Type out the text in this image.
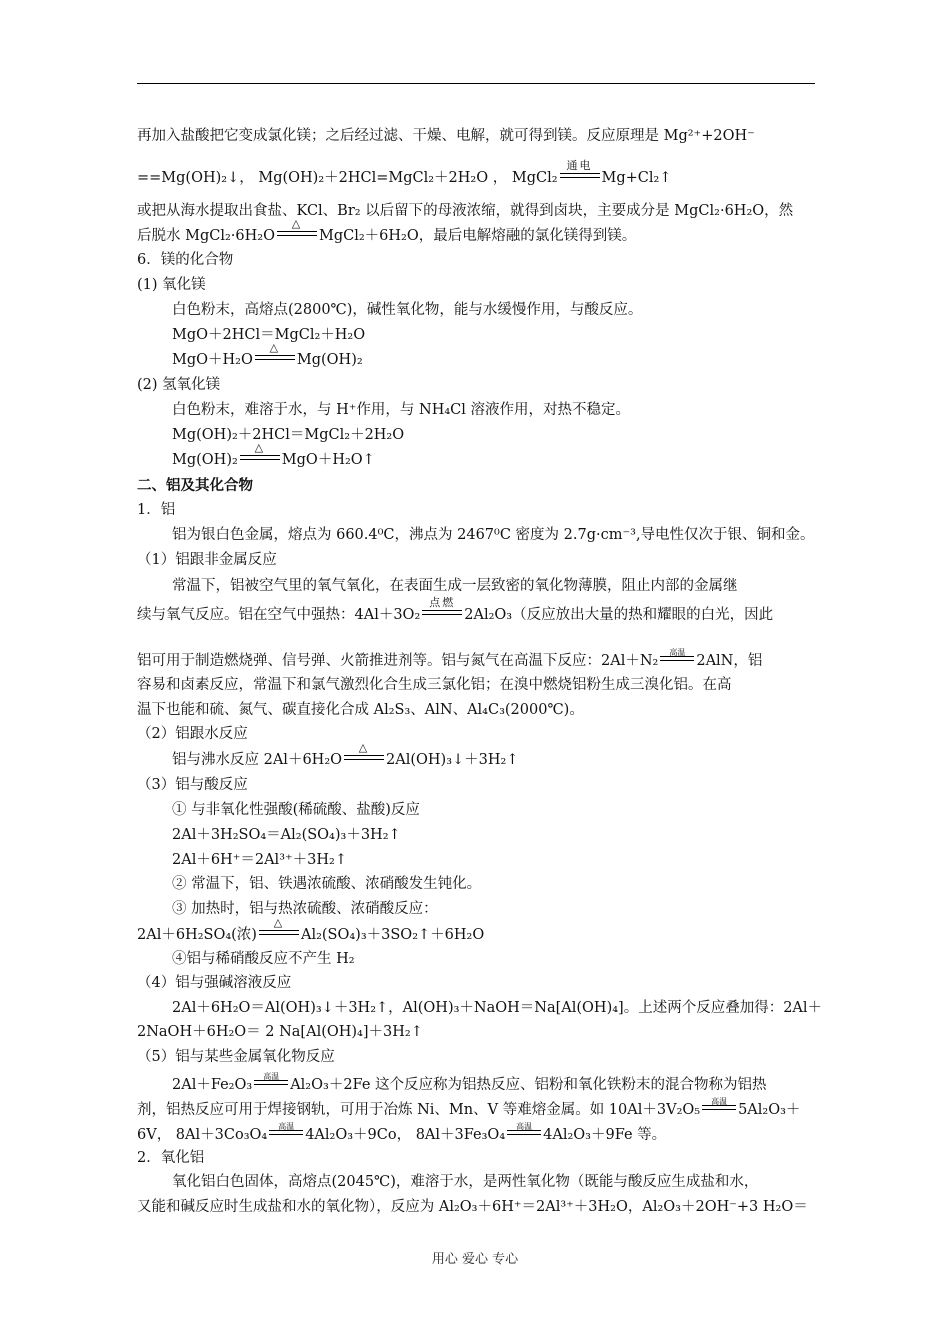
再加入盐酸把它变成氯化镁；之后经过滤、干燥、电解，就可得到镁。反应原理是 Mg²⁺+2OH⁻
==Mg(OH)₂↓， Mg(OH)₂＋2HCl=MgCl₂＋2H₂O ， MgCl₂
通电
Mg+Cl₂↑
或把从海水提取出食盐、KCl、Br₂ 以后留下的母液浓缩，就得到卤块，主要成分是 MgCl₂·6H₂O，然
后脱水 MgCl₂·6H₂O
△
MgCl₂＋6H₂O，最后电解熔融的氯化镁得到镁。
6．镁的化合物
(1) 氧化镁
白色粉末，高熔点(2800℃)，碱性氧化物，能与水缓慢作用，与酸反应。
MgO＋2HCl＝MgCl₂＋H₂O
MgO＋H₂O
△
Mg(OH)₂
(2) 氢氧化镁
白色粉末，难溶于水，与 H⁺作用，与 NH₄Cl 溶液作用，对热不稳定。
Mg(OH)₂＋2HCl＝MgCl₂＋2H₂O
Mg(OH)₂
△
MgO＋H₂O↑
二、铝及其化合物
1．铝
铝为银白色金属，熔点为 660.4⁰C，沸点为 2467⁰C 密度为 2.7g·cm⁻³,导电性仅次于银、铜和金。
（1）铝跟非金属反应
常温下，铝被空气里的氧气氧化，在表面生成一层致密的氧化物薄膜，阻止内部的金属继
续与氧气反应。铝在空气中强热：4Al＋3O₂
点燃
2Al₂O₃（反应放出大量的热和耀眼的白光，因此
铝可用于制造燃烧弹、信号弹、火箭推进剂等。铝与氮气在高温下反应：2Al＋N₂
高温
2AlN，铝
容易和卤素反应，常温下和氯气激烈化合生成三氯化铝；在溴中燃烧铝粉生成三溴化铝。在高
温下也能和硫、氮气、碳直接化合成 Al₂S₃、AlN、Al₄C₃(2000℃)。
（2）铝跟水反应
铝与沸水反应 2Al＋6H₂O
△
2Al(OH)₃↓＋3H₂↑
（3）铝与酸反应
① 与非氧化性强酸(稀硫酸、盐酸)反应
2Al＋3H₂SO₄＝Al₂(SO₄)₃＋3H₂↑
2Al＋6H⁺＝2Al³⁺＋3H₂↑
② 常温下，铝、铁遇浓硫酸、浓硝酸发生钝化。
③ 加热时，铝与热浓硫酸、浓硝酸反应：
2Al＋6H₂SO₄(浓)
△
Al₂(SO₄)₃＋3SO₂↑＋6H₂O
④铝与稀硝酸反应不产生 H₂
（4）铝与强碱溶液反应
2Al＋6H₂O＝Al(OH)₃↓＋3H₂↑，Al(OH)₃＋NaOH＝Na[Al(OH)₄]。上述两个反应叠加得：2Al＋
2NaOH＋6H₂O＝ 2 Na[Al(OH)₄]＋3H₂↑
（5）铝与某些金属氧化物反应
2Al＋Fe₂O₃
高温
Al₂O₃＋2Fe 这个反应称为铝热反应、铝粉和氧化铁粉末的混合物称为铝热
剂，铝热反应可用于焊接钢轨，可用于冶炼 Ni、Mn、V 等难熔金属。如 10Al＋3V₂O₅
高温
5Al₂O₃＋
6V， 8Al＋3Co₃O₄
高温
4Al₂O₃＋9Co， 8Al＋3Fe₃O₄
高温
4Al₂O₃＋9Fe 等。
2．氧化铝
氧化铝白色固体，高熔点(2045℃)，难溶于水，是两性氧化物（既能与酸反应生成盐和水，
又能和碱反应时生成盐和水的氧化物），反应为 Al₂O₃＋6H⁺＝2Al³⁺＋3H₂O，Al₂O₃＋2OH⁻+3 H₂O＝
用心 爱心 专心
